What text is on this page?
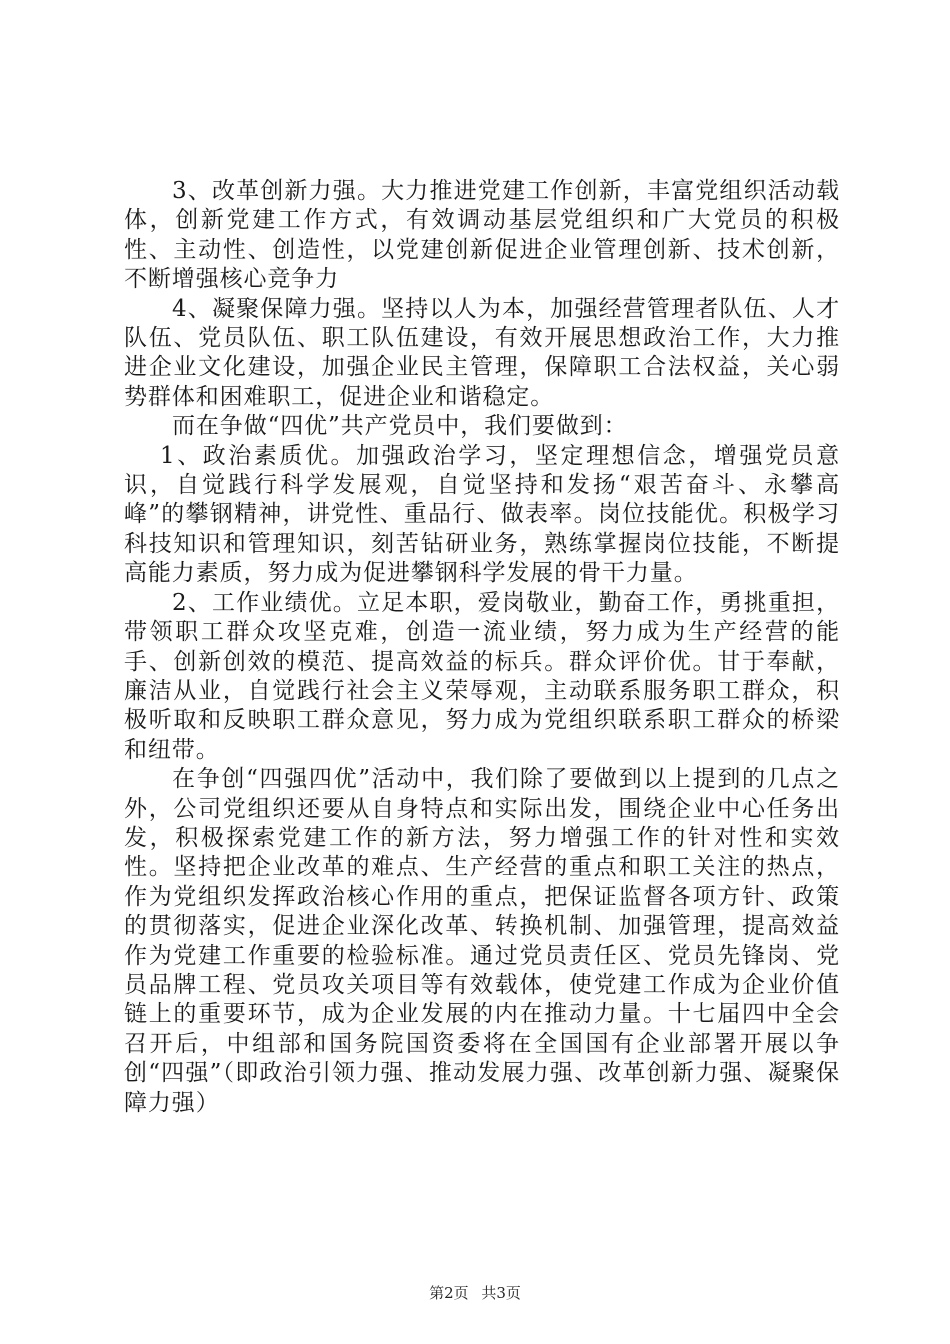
3、改革创新力强。大力推进党建工作创新，丰富党组织活动载体，创新党建工作方式，有效调动基层党组织和广大党员的积极性、主动性、创造性，以党建创新促进企业管理创新、技术创新，不断增强核心竞争力

4、凝聚保障力强。坚持以人为本，加强经营管理者队伍、人才队伍、党员队伍、职工队伍建设，有效开展思想政治工作，大力推进企业文化建设，加强企业民主管理，保障职工合法权益，关心弱势群体和困难职工，促进企业和谐稳定。

而在争做“四优”共产党员中，我们要做到：

1、政治素质优。加强政治学习，坚定理想信念，增强党员意识，自觉践行科学发展观，自觉坚持和发扬“艰苦奋斗、永攀高峰”的攀钢精神，讲党性、重品行、做表率。岗位技能优。积极学习科技知识和管理知识，刻苦钻研业务，熟练掌握岗位技能，不断提高能力素质，努力成为促进攀钢科学发展的骨干力量。

2、工作业绩优。立足本职，爱岗敬业，勤奋工作，勇挑重担，带领职工群众攻坚克难，创造一流业绩，努力成为生产经营的能手、创新创效的模范、提高效益的标兵。群众评价优。甘于奉献，廉洁从业，自觉践行社会主义荣辱观，主动联系服务职工群众，积极听取和反映职工群众意见，努力成为党组织联系职工群众的桥梁和纽带。

在争创“四强四优”活动中，我们除了要做到以上提到的几点之外，公司党组织还要从自身特点和实际出发，围绕企业中心任务出发，积极探索党建工作的新方法，努力增强工作的针对性和实效性。坚持把企业改革的难点、生产经营的重点和职工关注的热点，作为党组织发挥政治核心作用的重点，把保证监督各项方针、政策的贯彻落实，促进企业深化改革、转换机制、加强管理，提高效益作为党建工作重要的检验标准。通过党员责任区、党员先锋岗、党员品牌工程、党员攻关项目等有效载体，使党建工作成为企业价值链上的重要环节，成为企业发展的内在推动力量。十七届四中全会召开后，中组部和国务院国资委将在全国国有企业部署开展以争创“四强”（即政治引领力强、推动发展力强、改革创新力强、凝聚保障力强）

第2页 共3页
